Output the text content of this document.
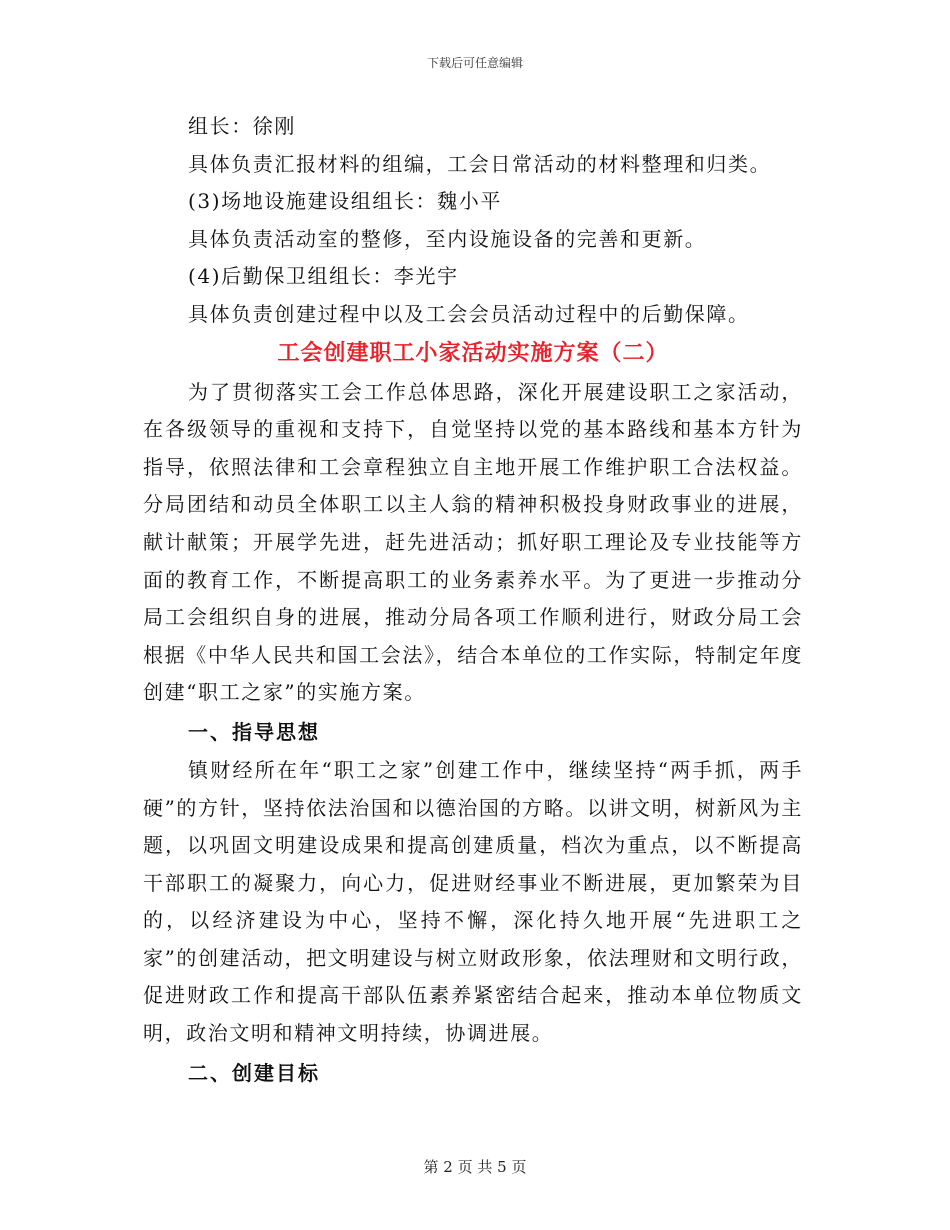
下载后可任意编辑
组长：徐刚
具体负责汇报材料的组编，工会日常活动的材料整理和归类。
(3)场地设施建设组组长：魏小平
具体负责活动室的整修，至内设施设备的完善和更新。
(4)后勤保卫组组长：李光宇
具体负责创建过程中以及工会会员活动过程中的后勤保障。
工会创建职工小家活动实施方案（二）
为了贯彻落实工会工作总体思路，深化开展建设职工之家活动，在各级领导的重视和支持下，自觉坚持以党的基本路线和基本方针为指导，依照法律和工会章程独立自主地开展工作维护职工合法权益。分局团结和动员全体职工以主人翁的精神积极投身财政事业的进展，献计献策；开展学先进，赶先进活动；抓好职工理论及专业技能等方面的教育工作，不断提高职工的业务素养水平。为了更进一步推动分局工会组织自身的进展，推动分局各项工作顺利进行，财政分局工会根据《中华人民共和国工会法》，结合本单位的工作实际，特制定年度创建“职工之家”的实施方案。
一、指导思想
镇财经所在年“职工之家”创建工作中，继续坚持“两手抓，两手硬”的方针，坚持依法治国和以德治国的方略。以讲文明，树新风为主题，以巩固文明建设成果和提高创建质量，档次为重点，以不断提高干部职工的凝聚力，向心力，促进财经事业不断进展，更加繁荣为目的，以经济建设为中心，坚持不懈，深化持久地开展“先进职工之家”的创建活动，把文明建设与树立财政形象，依法理财和文明行政，促进财政工作和提高干部队伍素养紧密结合起来，推动本单位物质文明，政治文明和精神文明持续，协调进展。
二、创建目标
第 2 页 共 5 页
